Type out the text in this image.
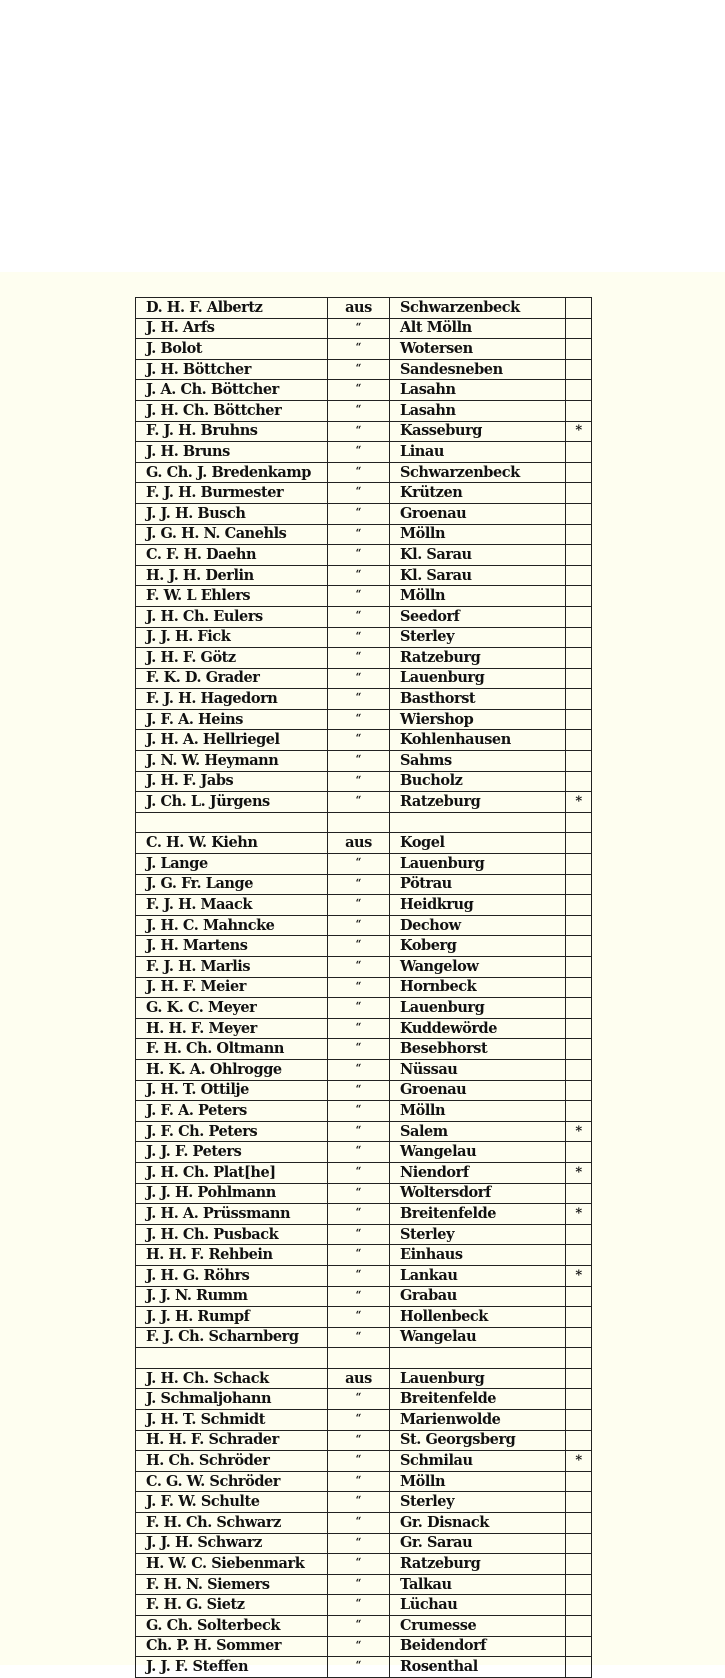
D. H. F. Albertz	aus	Schwarzenbeck	
J. H. Arfs	“	Alt Mölln	
J. Bolot	“	Wotersen	
J. H. Böttcher	“	Sandesneben	
J. A. Ch. Böttcher	“	Lasahn	
J. H. Ch. Böttcher	“	Lasahn	
F. J. H. Bruhns	“	Kasseburg	*
J. H. Bruns	“	Linau	
G. Ch. J. Bredenkamp	“	Schwarzenbeck	
F. J. H. Burmester	“	Krützen	
J. J. H. Busch	“	Groenau	
J. G. H. N. Canehls	“	Mölln	
C. F. H. Daehn	“	Kl. Sarau	
H. J. H. Derlin	“	Kl. Sarau	
F. W. L Ehlers	“	Mölln	
J. H. Ch. Eulers	“	Seedorf	
J. J. H. Fick	“	Sterley	
J. H. F. Götz	“	Ratzeburg	
F. K. D. Grader	“	Lauenburg	
F. J. H. Hagedorn	“	Basthorst	
J. F. A. Heins	“	Wiershop	
J. H. A. Hellriegel	“	Kohlenhausen	
J. N. W. Heymann	“	Sahms	
J. H. F. Jabs	“	Bucholz	
J. Ch. L. Jürgens	“	Ratzeburg	*

C. H. W. Kiehn	aus	Kogel	
J. Lange	“	Lauenburg	
J. G. Fr. Lange	“	Pötrau	
F. J. H. Maack	“	Heidkrug	
J. H. C. Mahncke	“	Dechow	
J. H. Martens	“	Koberg	
F. J. H. Marlis	“	Wangelow	
J. H. F. Meier	“	Hornbeck	
G. K. C. Meyer	“	Lauenburg	
H. H. F. Meyer	“	Kuddewörde	
F. H. Ch. Oltmann	“	Besebhorst	
H. K. A. Ohlrogge	“	Nüssau	
J. H. T. Ottilje	“	Groenau	
J. F. A. Peters	“	Mölln	
J. F. Ch. Peters	“	Salem	*
J. J. F. Peters	“	Wangelau	
J. H. Ch. Plat[he]	“	Niendorf	*
J. J. H. Pohlmann	“	Woltersdorf	
J. H. A. Prüssmann	“	Breitenfelde	*
J. H. Ch. Pusback	“	Sterley	
H. H. F. Rehbein	“	Einhaus	
J. H. G. Röhrs	“	Lankau	*
J. J. N. Rumm	“	Grabau	
J. J. H. Rumpf	“	Hollenbeck	
F. J. Ch. Scharnberg	“	Wangelau	

J. H. Ch. Schack	aus	Lauenburg	
J. Schmaljohann	“	Breitenfelde	
J. H. T. Schmidt	“	Marienwolde	
H. H. F. Schrader	“	St. Georgsberg	
H. Ch. Schröder	“	Schmilau	*
C. G. W. Schröder	“	Mölln	
J. F. W. Schulte	“	Sterley	
F. H. Ch. Schwarz	“	Gr. Disnack	
J. J. H. Schwarz	“	Gr. Sarau	
H. W. C. Siebenmark	“	Ratzeburg	
F. H. N. Siemers	“	Talkau	
F. H. G. Sietz	“	Lüchau	
G. Ch. Solterbeck	“	Crumesse	
Ch. P. H. Sommer	“	Beidendorf	
J. J. F. Steffen	“	Rosenthal	
